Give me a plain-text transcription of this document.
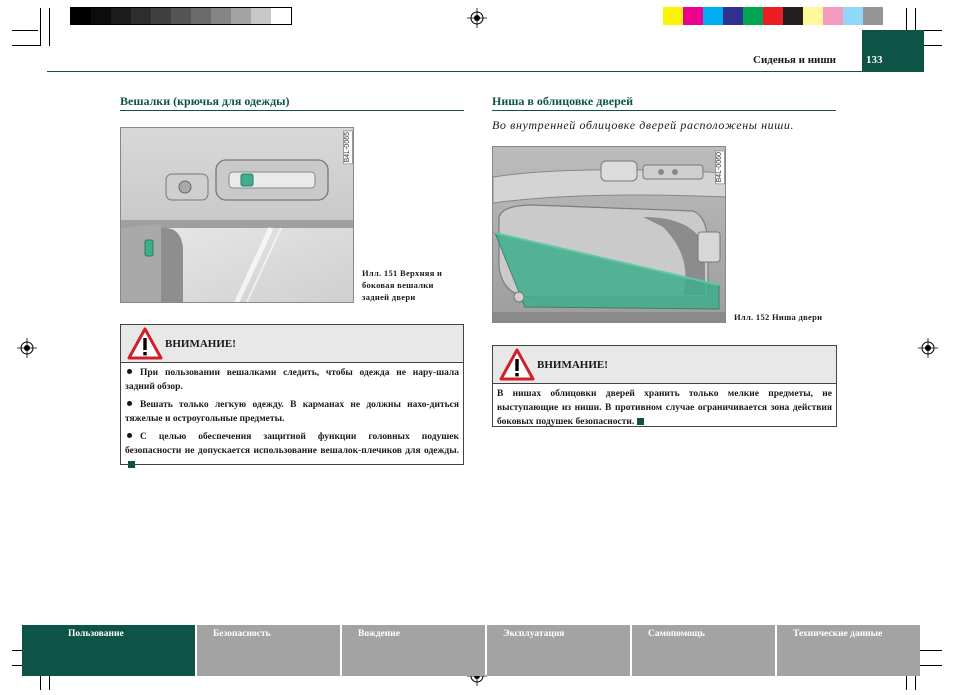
Сиденья и ниши	133
Вешалки (крючья для одежды)
B4L-0065
Илл. 151 Верхняя и
боковая вешалки
задней двери
ВНИМАНИЕ!

При пользовании вешалками следить, чтобы одежда не нару-шала задний обзор.

Вешать только легкую одежду. В карманах не должны нахо-диться тяжелые и остроугольные предметы.

С целью обеспечения защитной функции головных подушек безопасности не допускается использование вешалок-плечиков для одежды.

Ниша в облицовке дверей
Во внутренней облицовке дверей расположены ниши.
B4L-0060
Илл. 152 Ниша двери
ВНИМАНИЕ!

В нишах облицовки дверей хранить только мелкие предметы, не выступающие из ниши. В противном случае ограничивается зона действия боковых подушек безопасности.

Пользование	Безопасность	Вождение	Эксплуатация	Самопомощь	Технические данные
